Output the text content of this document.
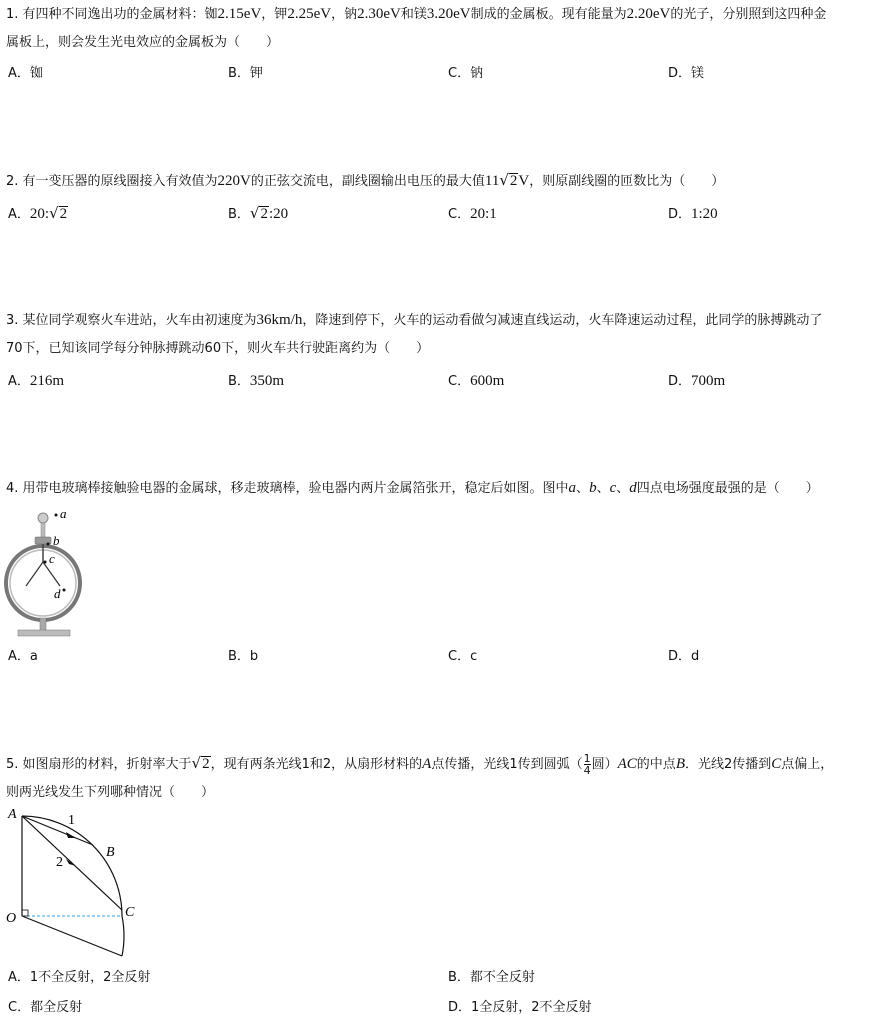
1. 有四种不同逸出功的金属材料：铷2.15eV，钾2.25eV，钠2.30eV和镁3.20eV制成的金属板。现有能量为2.20eV的光子，分别照到这四种金
属板上，则会发生光电效应的金属板为（　　）
A．铷	B．钾	C．钠	D．镁
2. 有一变压器的原线圈接入有效值为220V的正弦交流电，副线圈输出电压的最大值11√2V，则原副线圈的匝数比为（　　）
A．20:√2	B．√2:20	C．20:1	D．1:20
3. 某位同学观察火车进站，火车由初速度为36km/h，降速到停下，火车的运动看做匀减速直线运动，火车降速运动过程，此同学的脉搏跳动了
70下，已知该同学每分钟脉搏跳动60下，则火车共行驶距离约为（　　）
A．216m	B．350m	C．600m	D．700m
4. 用带电玻璃棒接触验电器的金属球，移走玻璃棒，验电器内两片金属箔张开，稳定后如图。图中a、b、c、d四点电场强度最强的是（　　）
a
b
c
d
A．a	B．b	C．c	D．d
5. 如图扇形的材料，折射率大于√2，现有两条光线1和2，从扇形材料的A点传播，光线1传到圆弧（ $\frac{1}{4}$ 圆）AC的中点B．光线2传播到C点偏上，
则两光线发生下列哪种情况（　　）
A
B
C
O
1
2
A．1不全反射，2全反射	B．都不全反射
C．都全反射	D．1全反射，2不全反射
